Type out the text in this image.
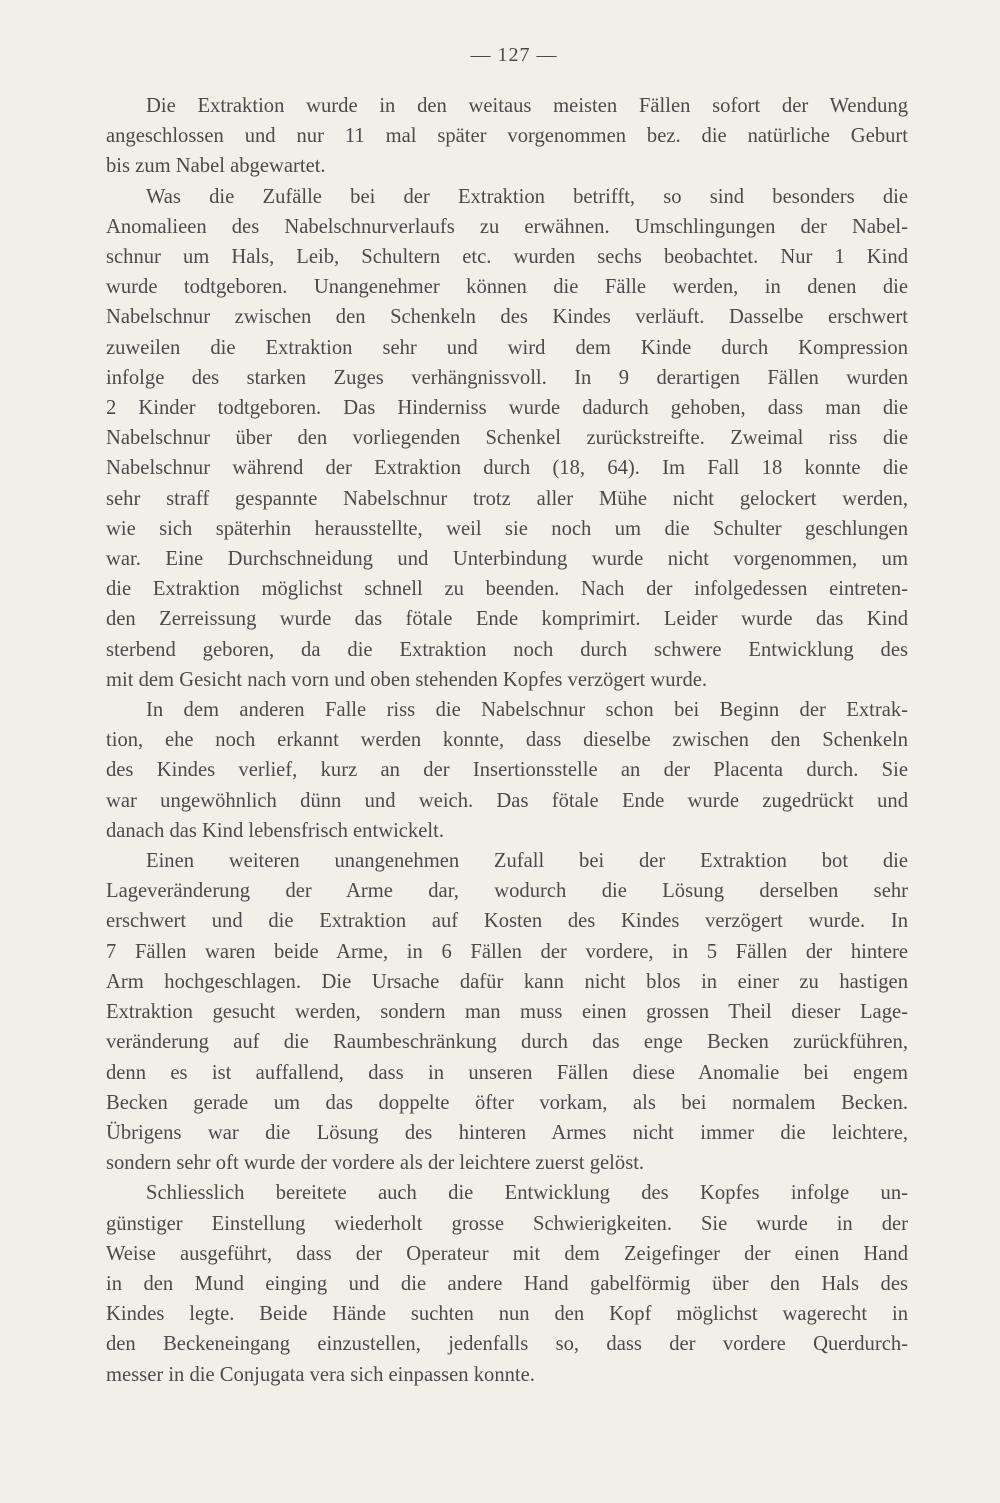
— 127 —

Die Extraktion wurde in den weitaus meisten Fällen sofort der Wendung
angeschlossen und nur 11 mal später vorgenommen bez. die natürliche Geburt
bis zum Nabel abgewartet.

Was die Zufälle bei der Extraktion betrifft, so sind besonders die
Anomalieen des Nabelschnurverlaufs zu erwähnen. Umschlingungen der Nabel-
schnur um Hals, Leib, Schultern etc. wurden sechs beobachtet. Nur 1 Kind
wurde todtgeboren. Unangenehmer können die Fälle werden, in denen die
Nabelschnur zwischen den Schenkeln des Kindes verläuft. Dasselbe erschwert
zuweilen die Extraktion sehr und wird dem Kinde durch Kompression
infolge des starken Zuges verhängnissvoll. In 9 derartigen Fällen wurden
2 Kinder todtgeboren. Das Hinderniss wurde dadurch gehoben, dass man die
Nabelschnur über den vorliegenden Schenkel zurückstreifte. Zweimal riss die
Nabelschnur während der Extraktion durch (18, 64). Im Fall 18 konnte die
sehr straff gespannte Nabelschnur trotz aller Mühe nicht gelockert werden,
wie sich späterhin herausstellte, weil sie noch um die Schulter geschlungen
war. Eine Durchschneidung und Unterbindung wurde nicht vorgenommen, um
die Extraktion möglichst schnell zu beenden. Nach der infolgedessen eintreten-
den Zerreissung wurde das fötale Ende komprimirt. Leider wurde das Kind
sterbend geboren, da die Extraktion noch durch schwere Entwicklung des
mit dem Gesicht nach vorn und oben stehenden Kopfes verzögert wurde.

In dem anderen Falle riss die Nabelschnur schon bei Beginn der Extrak-
tion, ehe noch erkannt werden konnte, dass dieselbe zwischen den Schenkeln
des Kindes verlief, kurz an der Insertionsstelle an der Placenta durch. Sie
war ungewöhnlich dünn und weich. Das fötale Ende wurde zugedrückt und
danach das Kind lebensfrisch entwickelt.

Einen weiteren unangenehmen Zufall bei der Extraktion bot die
Lageveränderung der Arme dar, wodurch die Lösung derselben sehr
erschwert und die Extraktion auf Kosten des Kindes verzögert wurde. In
7 Fällen waren beide Arme, in 6 Fällen der vordere, in 5 Fällen der hintere
Arm hochgeschlagen. Die Ursache dafür kann nicht blos in einer zu hastigen
Extraktion gesucht werden, sondern man muss einen grossen Theil dieser Lage-
veränderung auf die Raumbeschränkung durch das enge Becken zurückführen,
denn es ist auffallend, dass in unseren Fällen diese Anomalie bei engem
Becken gerade um das doppelte öfter vorkam, als bei normalem Becken.
Übrigens war die Lösung des hinteren Armes nicht immer die leichtere,
sondern sehr oft wurde der vordere als der leichtere zuerst gelöst.

Schliesslich bereitete auch die Entwicklung des Kopfes infolge un-
günstiger Einstellung wiederholt grosse Schwierigkeiten. Sie wurde in der
Weise ausgeführt, dass der Operateur mit dem Zeigefinger der einen Hand
in den Mund einging und die andere Hand gabelförmig über den Hals des
Kindes legte. Beide Hände suchten nun den Kopf möglichst wagerecht in
den Beckeneingang einzustellen, jedenfalls so, dass der vordere Querdurch-
messer in die Conjugata vera sich einpassen konnte.
